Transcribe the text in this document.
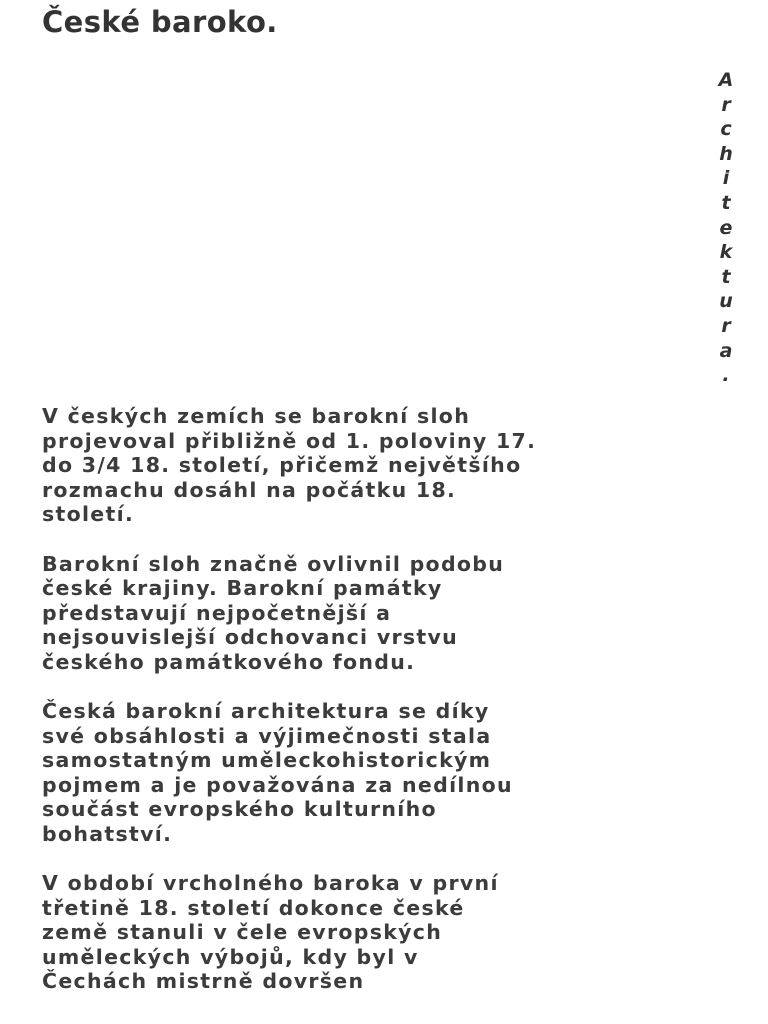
České baroko.
A
r
c
h
i
t
e
k
t
u
r
a
.

V českých zemích se barokní sloh
projevoval přibližně od 1. poloviny 17.
do 3/4 18. století, přičemž největšího
rozmachu dosáhl na počátku 18.
století.

Barokní sloh značně ovlivnil podobu
české krajiny. Barokní památky
představují nejpočetnější a
nejsouvislejší odchovanci vrstvu
českého památkového fondu.

Česká barokní architektura se díky
své obsáhlosti a výjimečnosti stala
samostatným uměleckohistorickým
pojmem a je považována za nedílnou
součást evropského kulturního
bohatství.

V období vrcholného baroka v první
třetině 18. století dokonce české
země stanuli v čele evropských
uměleckých výbojů, kdy byl v
Čechách mistrně dovršen
